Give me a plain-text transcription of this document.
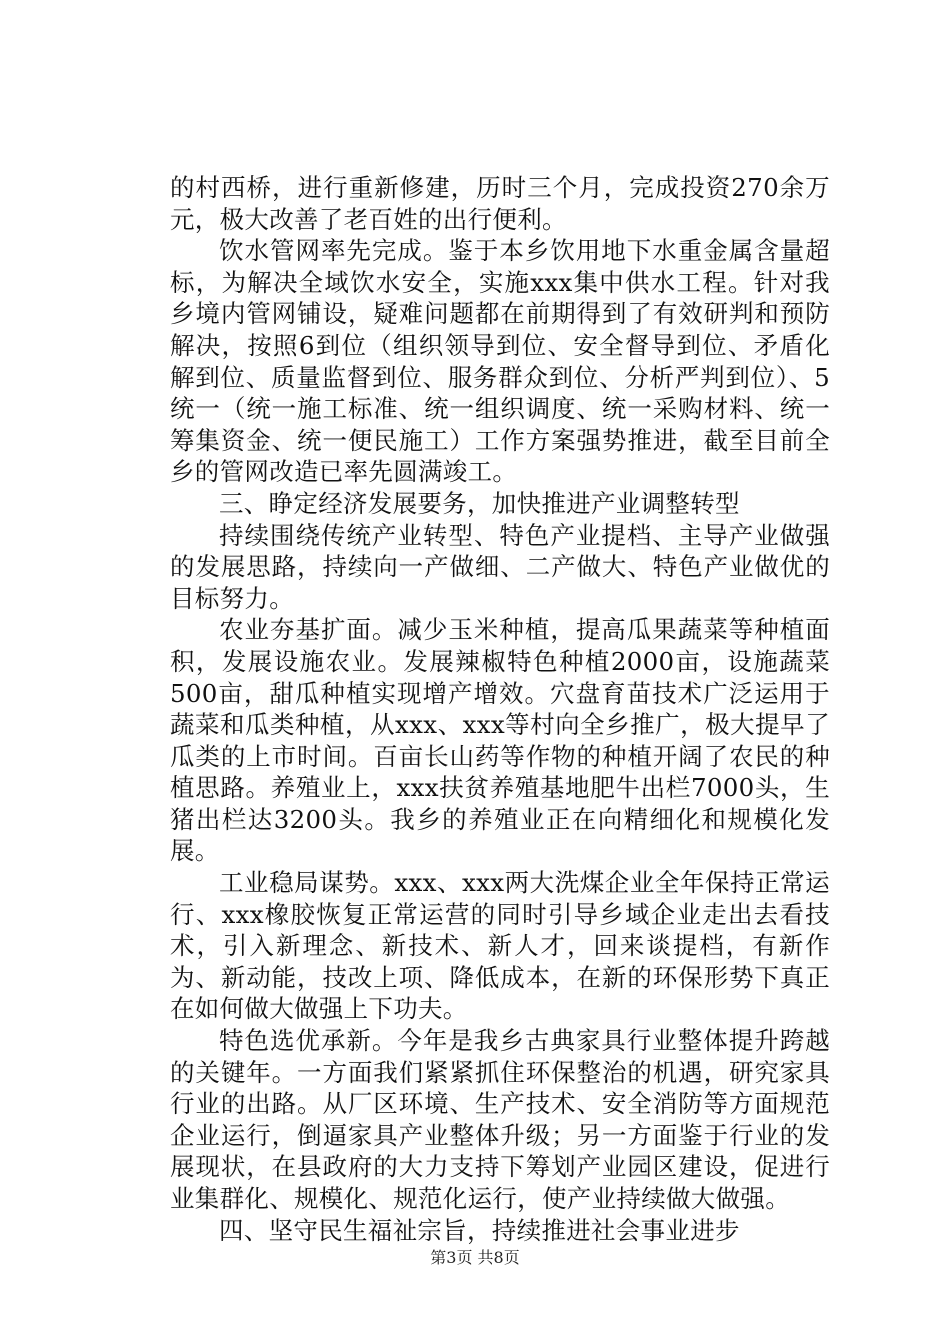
的村西桥，进行重新修建，历时三个月，完成投资270余万元，极大改善了老百姓的出行便利。

饮水管网率先完成。鉴于本乡饮用地下水重金属含量超标，为解决全域饮水安全，实施xxx集中供水工程。针对我乡境内管网铺设，疑难问题都在前期得到了有效研判和预防解决，按照6到位（组织领导到位、安全督导到位、矛盾化解到位、质量监督到位、服务群众到位、分析严判到位）、5统一（统一施工标准、统一组织调度、统一采购材料、统一筹集资金、统一便民施工）工作方案强势推进，截至目前全乡的管网改造已率先圆满竣工。

三、睁定经济发展要务，加快推进产业调整转型

持续围绕传统产业转型、特色产业提档、主导产业做强的发展思路，持续向一产做细、二产做大、特色产业做优的目标努力。

农业夯基扩面。减少玉米种植，提高瓜果蔬菜等种植面积，发展设施农业。发展辣椒特色种植2000亩，设施蔬菜500亩，甜瓜种植实现增产增效。穴盘育苗技术广泛运用于蔬菜和瓜类种植，从xxx、xxx等村向全乡推广，极大提早了瓜类的上市时间。百亩长山药等作物的种植开阔了农民的种植思路。养殖业上，xxx扶贫养殖基地肥牛出栏7000头，生猪出栏达3200头。我乡的养殖业正在向精细化和规模化发展。

工业稳局谋势。xxx、xxx两大洗煤企业全年保持正常运行、xxx橡胶恢复正常运营的同时引导乡域企业走出去看技术，引入新理念、新技术、新人才，回来谈提档，有新作为、新动能，技改上项、降低成本，在新的环保形势下真正在如何做大做强上下功夫。

特色选优承新。今年是我乡古典家具行业整体提升跨越的关键年。一方面我们紧紧抓住环保整治的机遇，研究家具行业的出路。从厂区环境、生产技术、安全消防等方面规范企业运行，倒逼家具产业整体升级；另一方面鉴于行业的发展现状，在县政府的大力支持下筹划产业园区建设，促进行业集群化、规模化、规范化运行，使产业持续做大做强。

四、坚守民生福祉宗旨，持续推进社会事业进步

第3页 共8页
